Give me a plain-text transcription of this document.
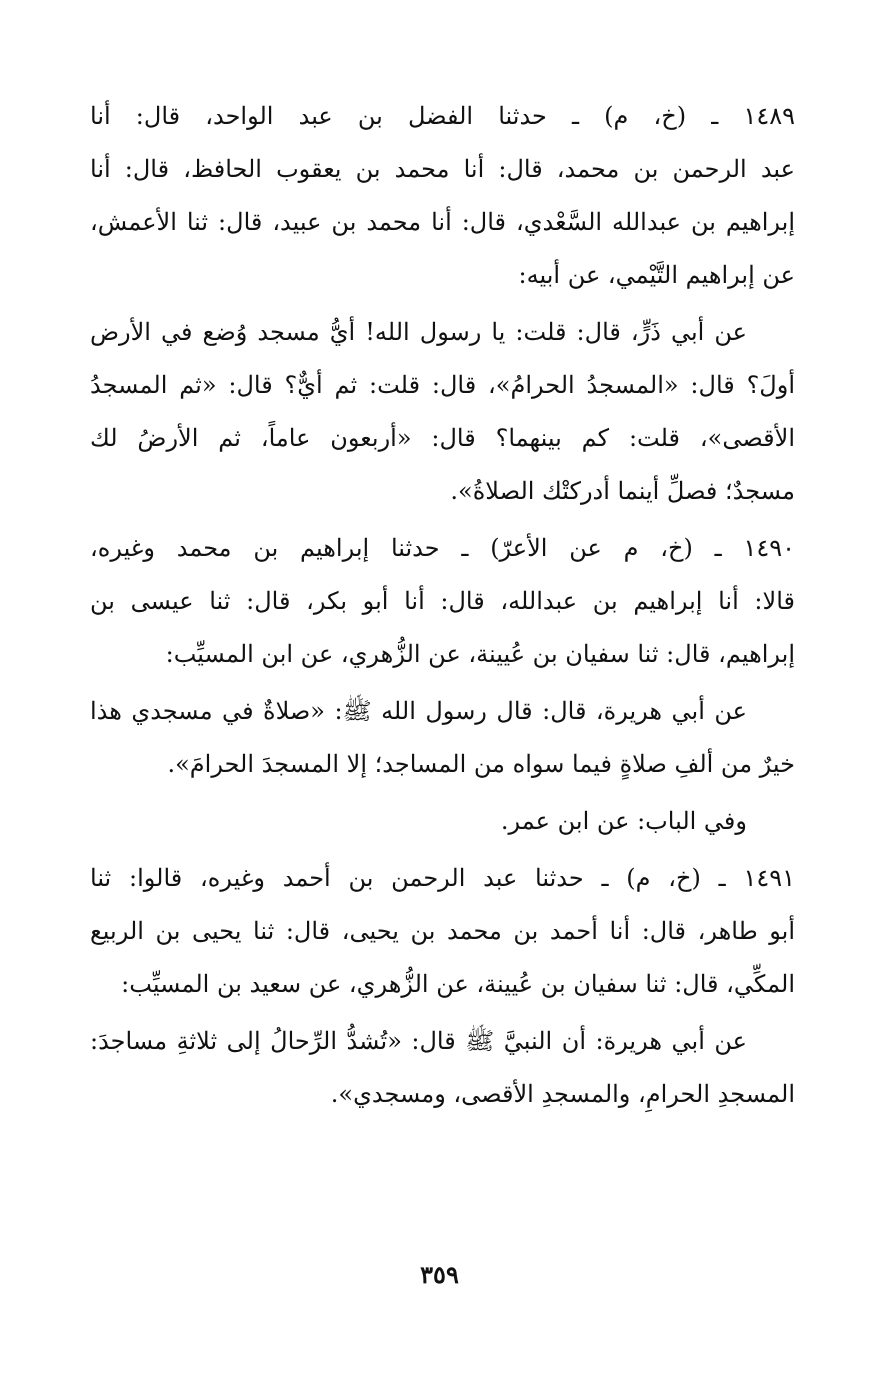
١٤٨٩ ـ (خ، م) ـ حدثنا الفضل بن عبد الواحد، قال: أنا
عبد الرحمن بن محمد، قال: أنا محمد بن يعقوب الحافظ، قال: أنا
إبراهيم بن عبدالله السَّعْدي، قال: أنا محمد بن عبيد، قال: ثنا الأعمش،
عن إبراهيم التَّيْمي، عن أبيه:
عن أبي ذَرٍّ، قال: قلت: يا رسول الله! أيُّ مسجد وُضع في الأرض
أولَ؟ قال: «المسجدُ الحرامُ»، قال: قلت: ثم أيٌّ؟ قال: «ثم المسجدُ
الأقصى»، قلت: كم بينهما؟ قال: «أربعون عاماً، ثم الأرضُ لك
مسجدٌ؛ فصلِّ أينما أدركتْك الصلاةُ».
١٤٩٠ ـ (خ، م عن الأعرّ) ـ حدثنا إبراهيم بن محمد وغيره،
قالا: أنا إبراهيم بن عبدالله، قال: أنا أبو بكر، قال: ثنا عيسى بن
إبراهيم، قال: ثنا سفيان بن عُيينة، عن الزُّهري، عن ابن المسيِّب:
عن أبي هريرة، قال: قال رسول الله ﷺ: «صلاةٌ في مسجدي هذا
خيرٌ من ألفِ صلاةٍ فيما سواه من المساجد؛ إلا المسجدَ الحرامَ».
وفي الباب: عن ابن عمر.
١٤٩١ ـ (خ، م) ـ حدثنا عبد الرحمن بن أحمد وغيره، قالوا: ثنا
أبو طاهر، قال: أنا أحمد بن محمد بن يحيى، قال: ثنا يحيى بن الربيع
المكِّي، قال: ثنا سفيان بن عُيينة، عن الزُّهري، عن سعيد بن المسيِّب:
عن أبي هريرة: أن النبيَّ ﷺ قال: «تُشدُّ الرِّحالُ إلى ثلاثةِ مساجدَ:
المسجدِ الحرامِ، والمسجدِ الأقصى، ومسجدي».
٣٥٩
